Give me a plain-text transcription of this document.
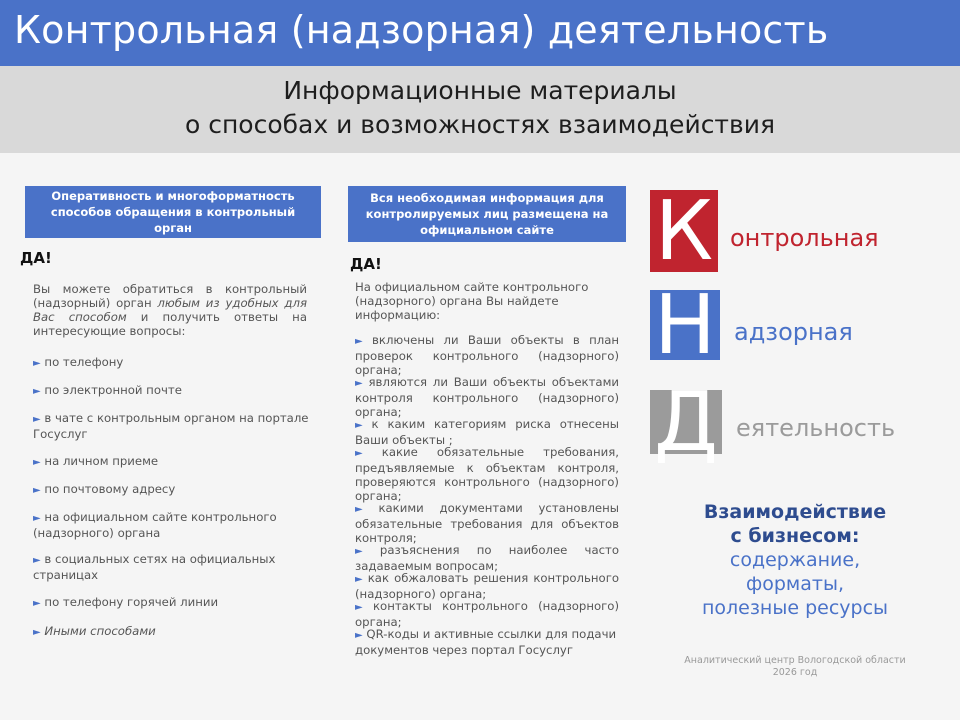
Контрольная (надзорная) деятельность
Информационные материалы
о способах и возможностях взаимодействия
Оперативность и многоформатность способов обращения в контрольный орган
ДА!
Вы можете обратиться в контрольный (надзорный) орган любым из удобных для Вас способом и получить ответы на интересующие вопросы:
► по телефону
► по электронной почте
► в чате с контрольным органом на портале Госуслуг
► на личном приеме
► по почтовому адресу
► на официальном сайте контрольного (надзорного) органа
► в социальных сетях на официальных страницах
► по телефону горячей линии
► Иными способами
Вся необходимая информация для контролируемых лиц размещена на официальном сайте
ДА!
На официальном сайте контрольного (надзорного) органа Вы найдете информацию:
► включены ли Ваши объекты в план проверок контрольного (надзорного) органа;
► являются ли Ваши объекты объектами контроля контрольного (надзорного) органа;
► к каким категориям риска отнесены Ваши объекты ;
► какие обязательные требования, предъявляемые к объектам контроля, проверяются контрольного (надзорного) органа;
► какими документами установлены обязательные требования для объектов контроля;
► разъяснения по наиболее часто задаваемым вопросам;
► как обжаловать решения контрольного (надзорного) органа;
► контакты контрольного (надзорного) органа;
► QR-коды и активные ссылки для подачи документов через портал Госуслуг
К онтрольная
Н адзорная
Д еятельность
Взаимодействие
с бизнесом:
содержание,
форматы,
полезные ресурсы
Аналитический центр Вологодской области
2026 год
